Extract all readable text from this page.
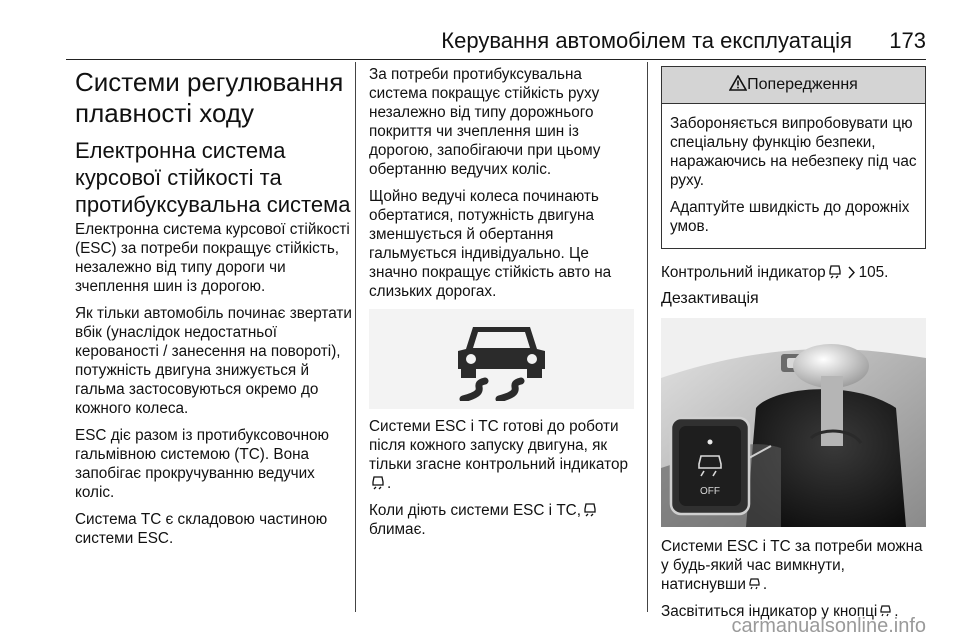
Керування автомобілем та експлуатація 173
Системи регулювання плавності ходу
Електронна система курсової стійкості та протибуксувальна система

Електронна система курсової стійкості (ESC) за потреби покращує стійкість, незалежно від типу дороги чи зчеплення шин із дорогою.

Як тільки автомобіль починає звертати вбік (унаслідок недостатньої керованості / занесення на повороті), потужність двигуна знижується й гальма застосовуються окремо до кожного колеса.

ESC діє разом із протибуксовочною гальмівною системою (TC). Вона запобігає прокручуванню ведучих коліс.

Система TC є складовою частиною системи ESC.

За потреби протибуксувальна система покращує стійкість руху незалежно від типу дорожнього покриття чи зчеплення шин із дорогою, запобігаючи при цьому обертанню ведучих коліс.

Щойно ведучі колеса починають обертатися, потужність двигуна зменшується й обертання гальмується індивідуально. Це значно покращує стійкість авто на слизьких дорогах.

Системи ESC і TC готові до роботи після кожного запуску двигуна, як тільки згасне контрольний індикатор.

Коли діють системи ESC і TC,
блимає.

Попередження

Забороняється випробовувати цю спеціальну функцію безпеки, наражаючись на небезпеку під час руху.

Адаптуйте швидкість до дорожніх умов.

Контрольний індикатор 105.

Дезактивація
OFF

Системи ESC і TC за потреби можна у будь-який час вимкнути, натиснувши .

Засвітиться індикатор у кнопці .

carmanualsonline.info
